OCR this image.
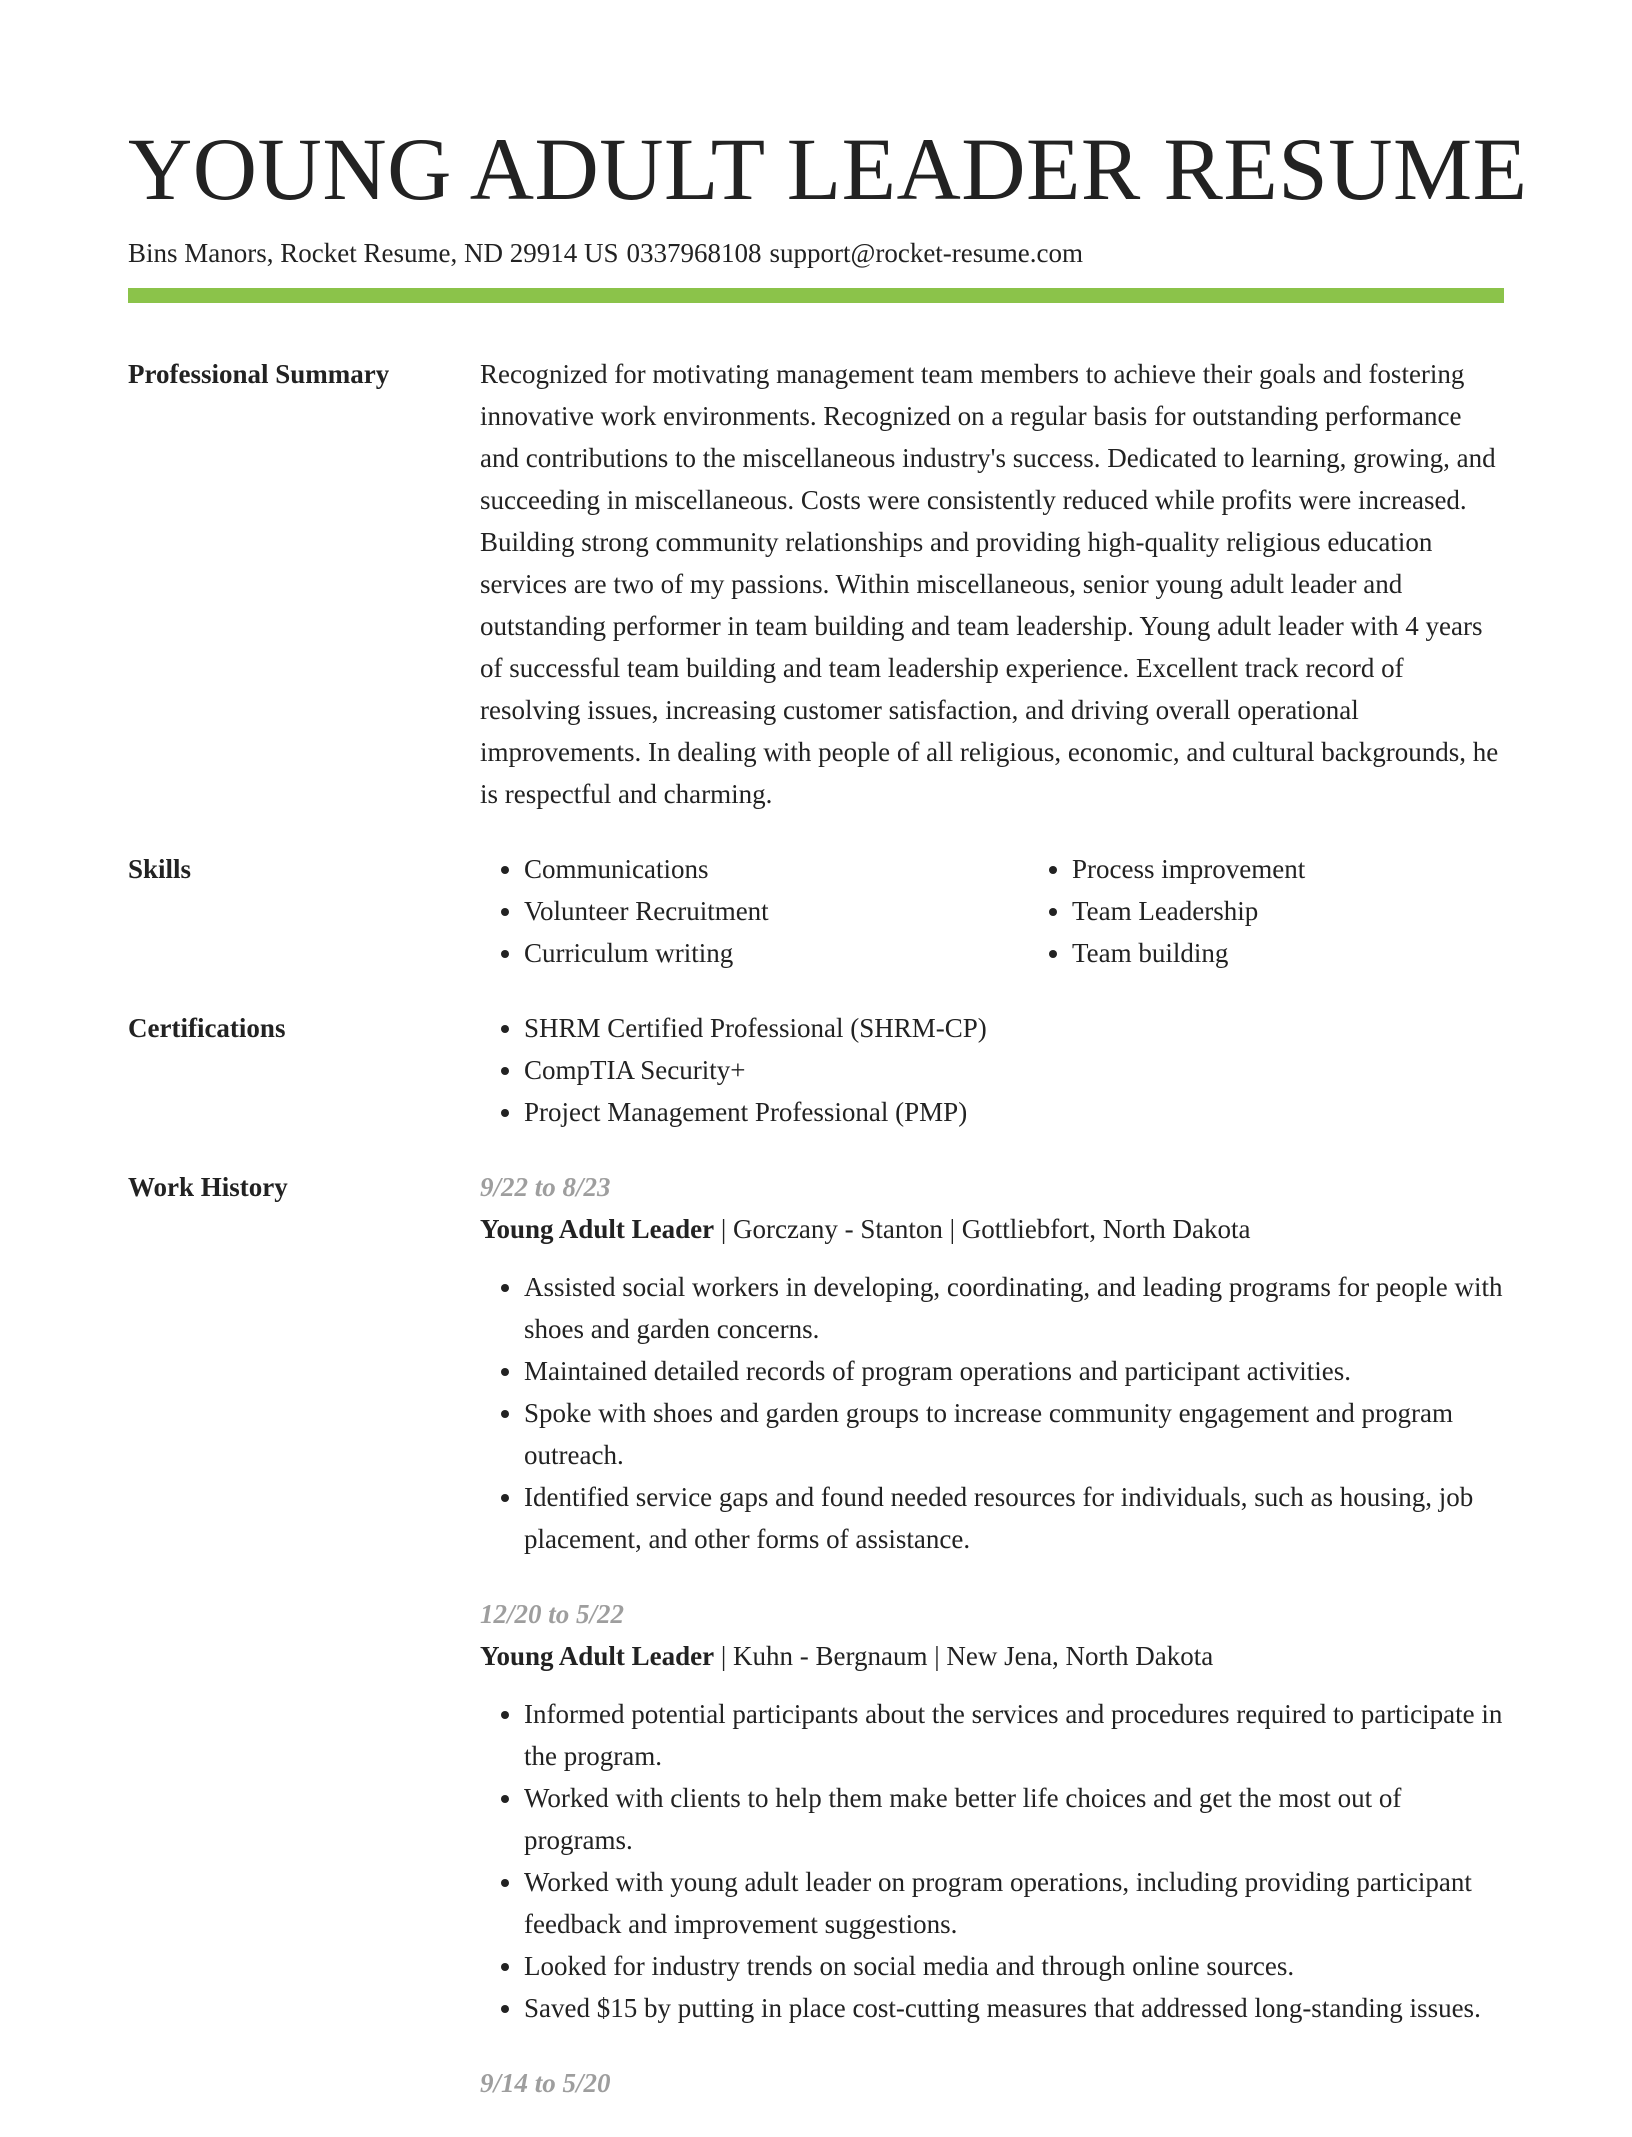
YOUNG ADULT LEADER RESUME
Bins Manors, Rocket Resume, ND 29914 US 0337968108 support@rocket-resume.com
Professional Summary	Recognized for motivating management team members to achieve their goals and fostering innovative work environments. Recognized on a regular basis for outstanding performance and contributions to the miscellaneous industry's success. Dedicated to learning, growing, and succeeding in miscellaneous. Costs were consistently reduced while profits were increased. Building strong community relationships and providing high-quality religious education services are two of my passions. Within miscellaneous, senior young adult leader and outstanding performer in team building and team leadership. Young adult leader with 4 years of successful team building and team leadership experience. Excellent track record of resolving issues, increasing customer satisfaction, and driving overall operational improvements. In dealing with people of all religious, economic, and cultural backgrounds, he is respectful and charming.

Skills	• Communications
• Volunteer Recruitment
• Curriculum writing
• Process improvement
• Team Leadership
• Team building
Certifications	• SHRM Certified Professional (SHRM-CP)
• CompTIA Security+
• Project Management Professional (PMP)
Work History	9/22 to 8/23
Young Adult Leader | Gorczany - Stanton | Gottliebfort, North Dakota
• Assisted social workers in developing, coordinating, and leading programs for people with shoes and garden concerns.
• Maintained detailed records of program operations and participant activities.
• Spoke with shoes and garden groups to increase community engagement and program outreach.
• Identified service gaps and found needed resources for individuals, such as housing, job placement, and other forms of assistance.
12/20 to 5/22
Young Adult Leader | Kuhn - Bergnaum | New Jena, North Dakota
• Informed potential participants about the services and procedures required to participate in the program.
• Worked with clients to help them make better life choices and get the most out of programs.
• Worked with young adult leader on program operations, including providing participant feedback and improvement suggestions.
• Looked for industry trends on social media and through online sources.
• Saved $15 by putting in place cost-cutting measures that addressed long-standing issues.
9/14 to 5/20
